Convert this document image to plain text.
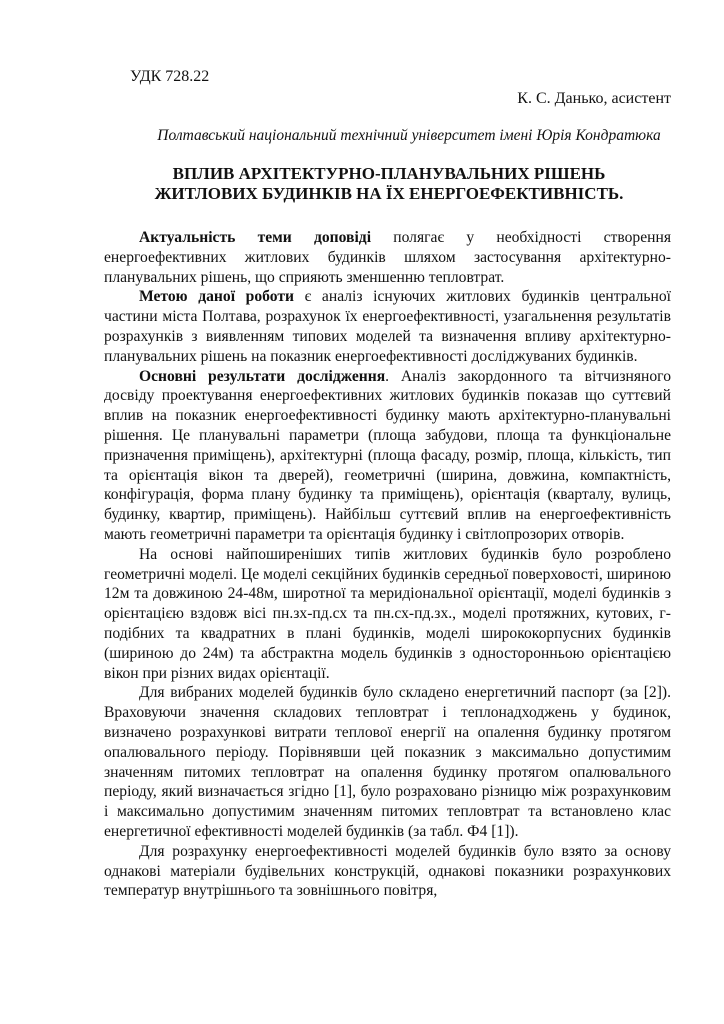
УДК 728.22
К. С. Данько, асистент
Полтавський національний технічний університет імені Юрія Кондратюка
ВПЛИВ АРХІТЕКТУРНО-ПЛАНУВАЛЬНИХ РІШЕНЬ
ЖИТЛОВИХ БУДИНКІВ НА ЇХ ЕНЕРГОЕФЕКТИВНІСТЬ.

Актуальність теми доповіді полягає у необхідності створення енергоефективних житлових будинків шляхом застосування архітектурно-планувальних рішень, що сприяють зменшенню тепловтрат.

Метою даної роботи є аналіз існуючих житлових будинків центральної частини міста Полтава, розрахунок їх енергоефективності, узагальнення результатів розрахунків з виявленням типових моделей та визначення впливу архітектурно-планувальних рішень на показник енергоефективності досліджуваних будинків.

Основні результати дослідження. Аналіз закордонного та вітчизняного досвіду проектування енергоефективних житлових будинків показав що суттєвий вплив на показник енергоефективності будинку мають архітектурно-планувальні рішення. Це планувальні параметри (площа забудови, площа та функціональне призначення приміщень), архітектурні (площа фасаду, розмір, площа, кількість, тип та орієнтація вікон та дверей), геометричні (ширина, довжина, компактність, конфігурація, форма плану будинку та приміщень), орієнтація (кварталу, вулиць, будинку, квартир, приміщень). Найбільш суттєвий вплив на енергоефективність мають геометричні параметри та орієнтація будинку і світлопрозорих отворів.

На основі найпоширеніших типів житлових будинків було розроблено геометричні моделі. Це моделі секційних будинків середньої поверховості, шириною 12м та довжиною 24-48м, широтної та меридіональної орієнтації, моделі будинків з орієнтацією вздовж вісі пн.зх-пд.сх та пн.сх-пд.зх., моделі протяжних, кутових, г-подібних та квадратних в плані будинків, моделі ширококорпусних будинків (шириною до 24м) та абстрактна модель будинків з односторонньою орієнтацією вікон при різних видах орієнтації.

Для вибраних моделей будинків було складено енергетичний паспорт (за [2]). Враховуючи значення складових тепловтрат і теплонадходжень у будинок, визначено розрахункові витрати теплової енергії на опалення будинку протягом опалювального періоду. Порівнявши цей показник з максимально допустимим значенням питомих тепловтрат на опалення будинку протягом опалювального періоду, який визначається згідно [1], було розраховано різницю між розрахунковим і максимально допустимим значенням питомих тепловтрат та встановлено клас енергетичної ефективності моделей будинків (за табл. Ф4 [1]).

Для розрахунку енергоефективності моделей будинків було взято за основу однакові матеріали будівельних конструкцій, однакові показники розрахункових температур внутрішнього та зовнішнього повітря,
